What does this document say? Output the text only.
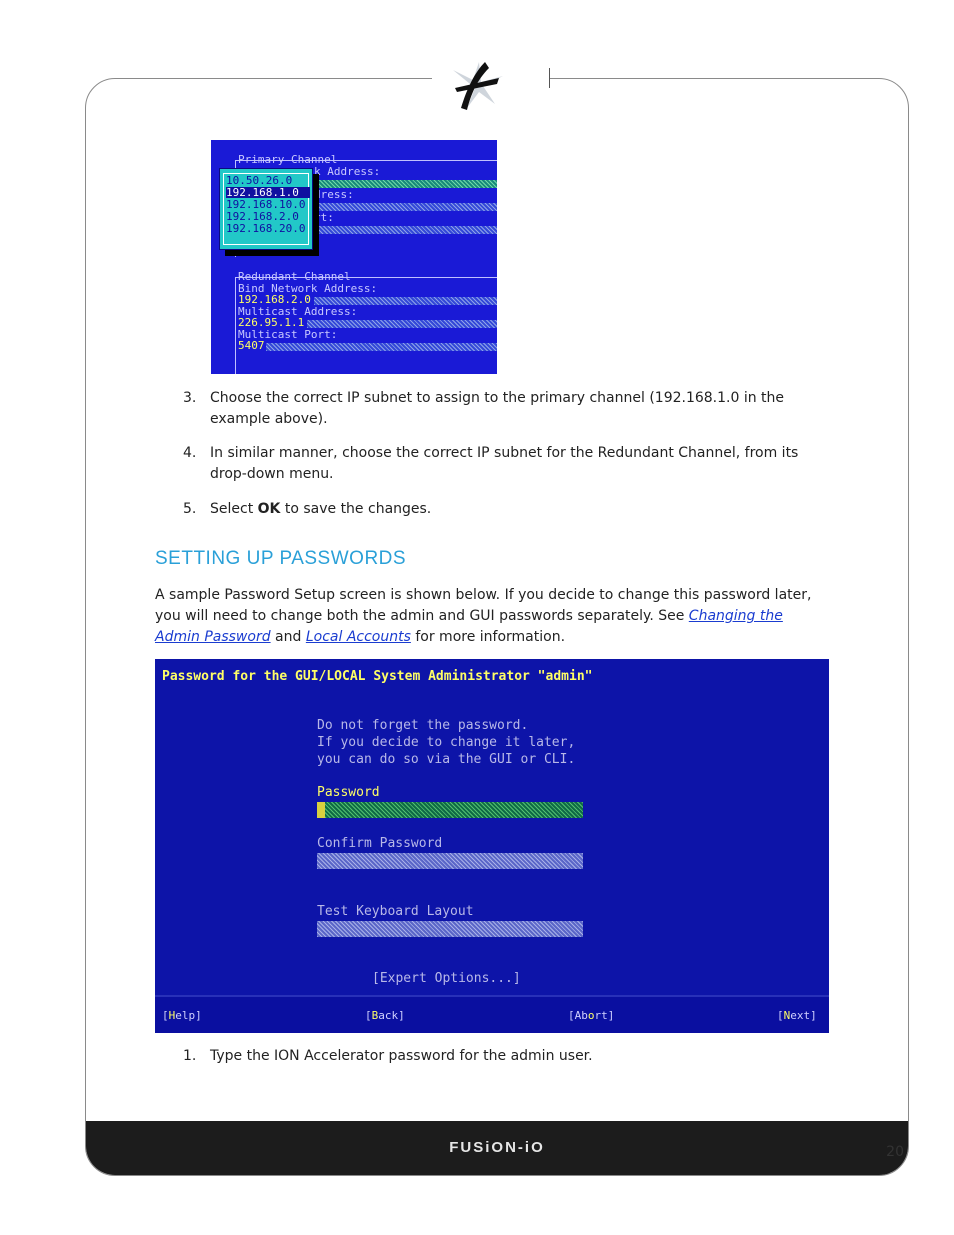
FUSiON-iO	20
Primary Channel
k Address:
dress:
rt:
Redundant Channel
Bind Network Address:
192.168.2.0
Multicast Address:
226.95.1.1
Multicast Port:
5407
10.50.26.0
192.168.1.0
192.168.10.0
192.168.2.0
192.168.20.0
3. Choose the correct IP subnet to assign to the primary channel (192.168.1.0 in the example above).
4. In similar manner, choose the correct IP subnet for the Redundant Channel, from its drop-down menu.
5. Select OK to save the changes.
SETTING UP PASSWORDS
A sample Password Setup screen is shown below. If you decide to change this password later, you will need to change both the admin and GUI passwords separately. See Changing the Admin Password and Local Accounts for more information.
Password for the GUI/LOCAL System Administrator "admin"
Do not forget the password.
If you decide to change it later,
you can do so via the GUI or CLI.
Password
Confirm Password
Test Keyboard Layout
[Expert Options...]
[Help]	[Back]	[Abort]	[Next]
1. Type the ION Accelerator password for the admin user.
